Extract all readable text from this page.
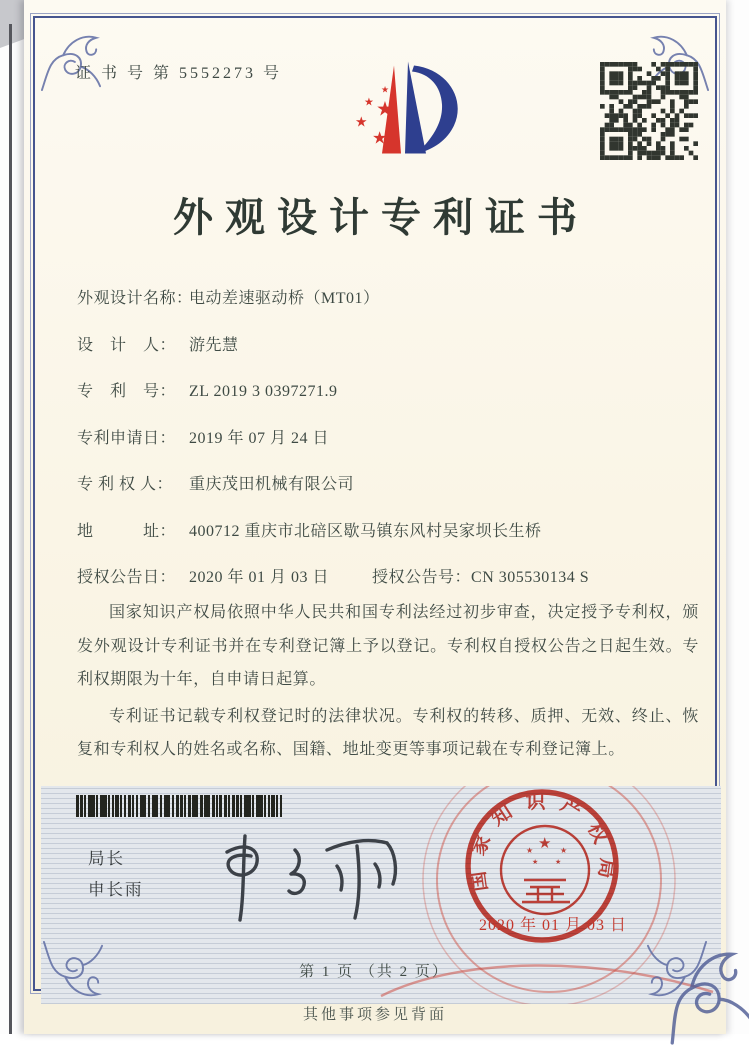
证 书 号 第 5552273 号
★
★
★
★
★
外观设计专利证书
外观设计名称：电动差速驱动桥（MT01）
设　计　人： 游先慧
专　利　号： ZL 2019 3 0397271.9
专利申请日： 2019 年 07 月 24 日
专 利 权 人： 重庆茂田机械有限公司
地　　　址： 400712 重庆市北碚区歇马镇东风村吴家坝长生桥
授权公告日： 2020 年 01 月 03 日	授权公告号：CN 305530134 S

国家知识产权局依照中华人民共和国专利法经过初步审查，决定授予专利权，颁发外观设计专利证书并在专利登记簿上予以登记。专利权自授权公告之日起生效。专利权期限为十年，自申请日起算。

专利证书记载专利权登记时的法律状况。专利权的转移、质押、无效、终止、恢复和专利权人的姓名或名称、国籍、地址变更等事项记载在专利登记簿上。

局长
申长雨	国家知识产权局
★
★	★
★ ★
2020 年 01 月 03 日
第 1 页 （共 2 页）
其他事项参见背面
